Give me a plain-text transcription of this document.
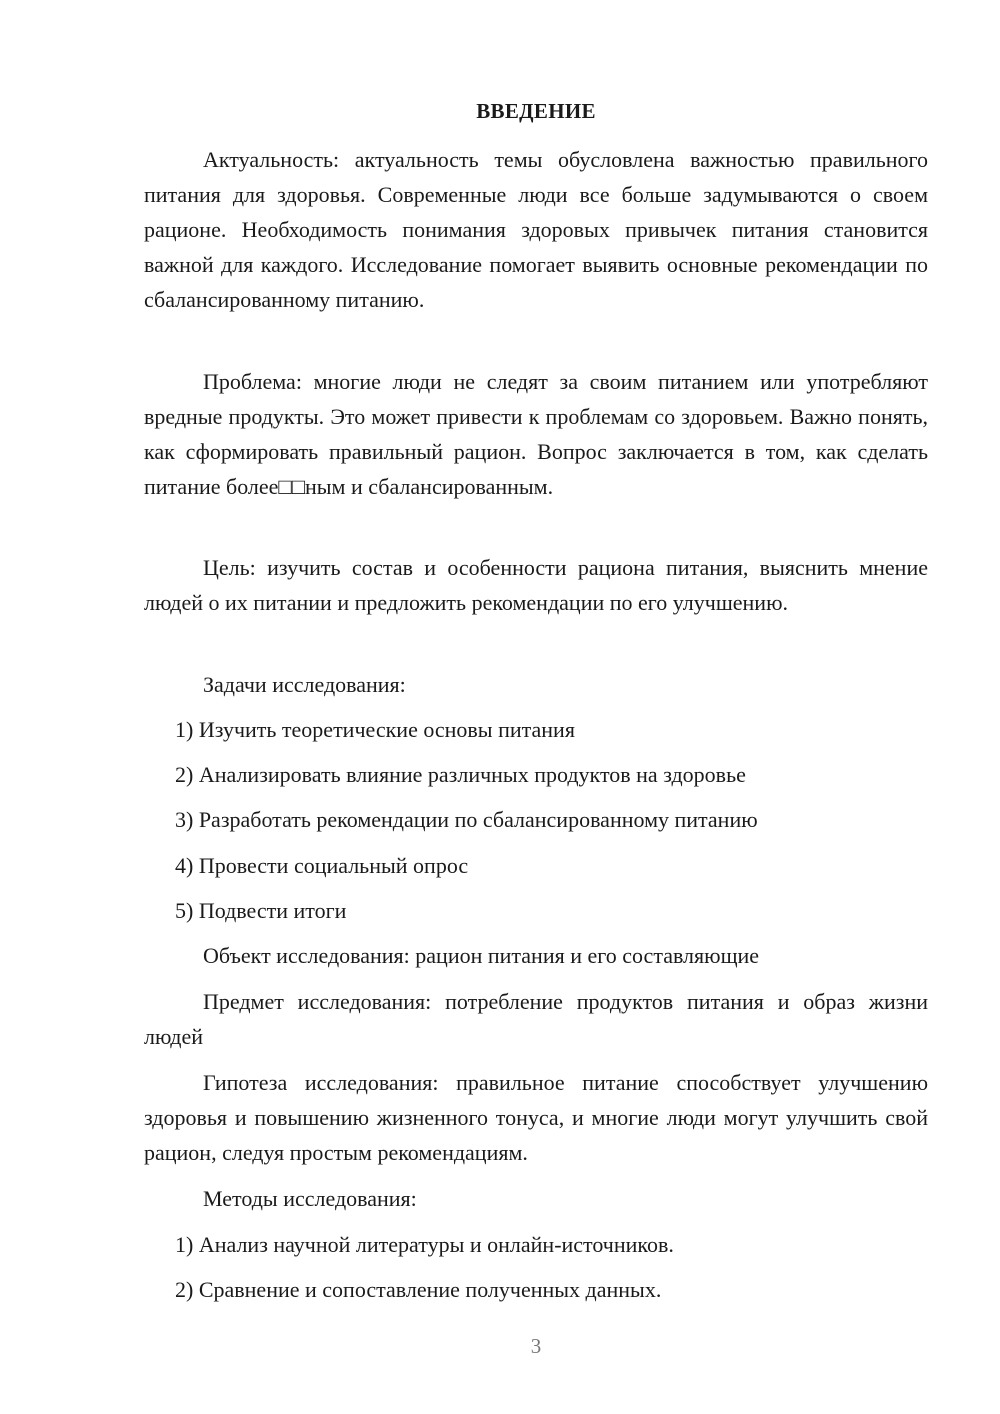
ВВЕДЕНИЕ

Актуальность: актуальность темы обусловлена важностью правильного питания для здоровья. Современные люди все больше задумываются о своем рационе. Необходимость понимания здоровых привычек питания становится важной для каждого. Исследование помогает выявить основные рекомендации по сбалансированному питанию.

Проблема: многие люди не следят за своим питанием или употребляют вредные продукты. Это может привести к проблемам со здоровьем. Важно понять, как сформировать правильный рацион. Вопрос заключается в том, как сделать питание более□□ным и сбалансированным.

Цель: изучить состав и особенности рациона питания, выяснить мнение людей о их питании и предложить рекомендации по его улучшению.

Задачи исследования:

1) Изучить теоретические основы питания

2) Анализировать влияние различных продуктов на здоровье

3) Разработать рекомендации по сбалансированному питанию

4) Провести социальный опрос

5) Подвести итоги

Объект исследования: рацион питания и его составляющие

Предмет исследования: потребление продуктов питания и образ жизни людей

Гипотеза исследования: правильное питание способствует улучшению здоровья и повышению жизненного тонуса, и многие люди могут улучшить свой рацион, следуя простым рекомендациям.

Методы исследования:

1) Анализ научной литературы и онлайн-источников.

2) Сравнение и сопоставление полученных данных.

3
